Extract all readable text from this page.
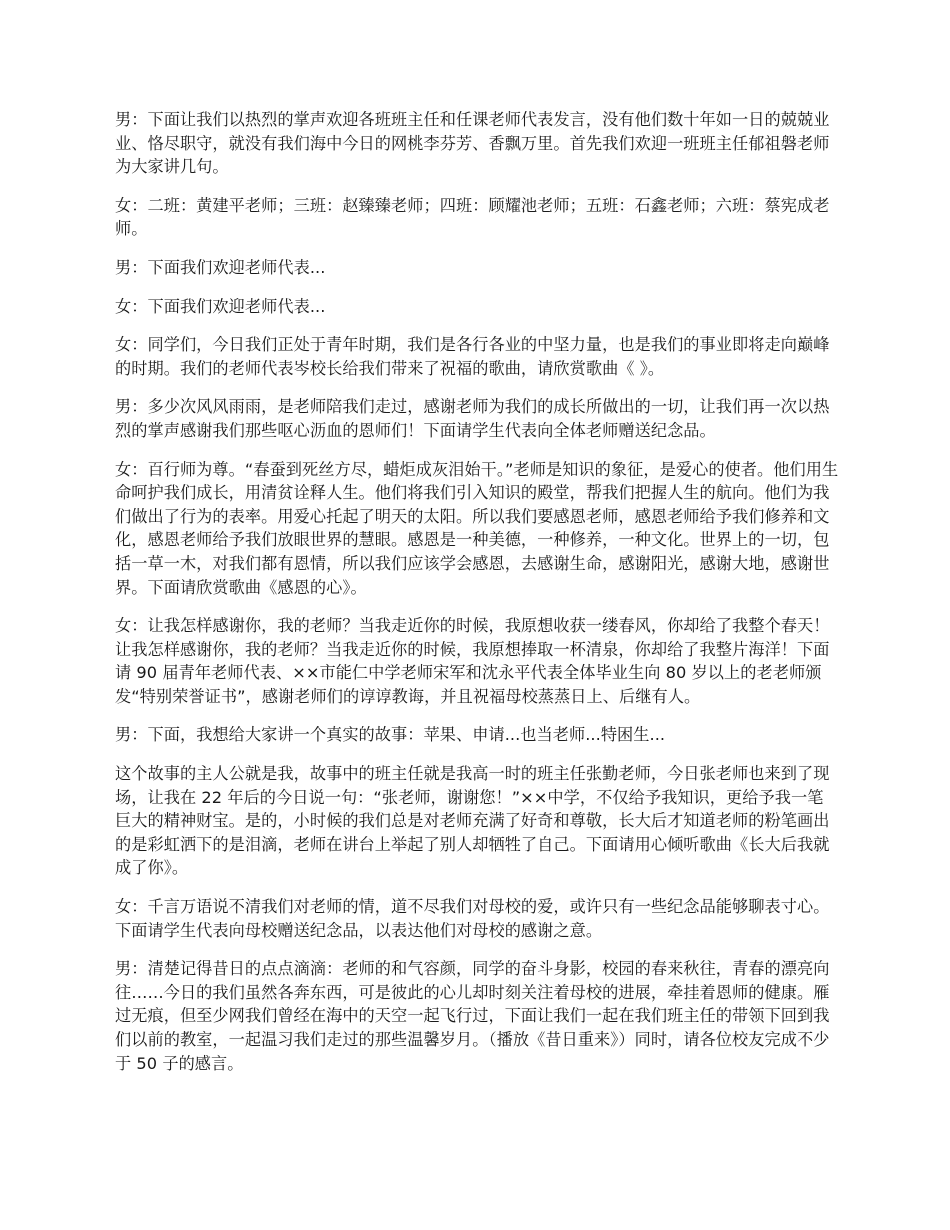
男：下面让我们以热烈的掌声欢迎各班班主任和任课老师代表发言，没有他们数十年如一日的兢兢业业、恪尽职守，就没有我们海中今日的网桃李芬芳、香飘万里。首先我们欢迎一班班主任郁祖磐老师为大家讲几句。

女：二班：黄建平老师；三班：赵臻臻老师；四班：顾耀池老师；五班：石鑫老师；六班：蔡宪成老师。

男：下面我们欢迎老师代表...

女：下面我们欢迎老师代表...

女：同学们，今日我们正处于青年时期，我们是各行各业的中坚力量，也是我们的事业即将走向巅峰的时期。我们的老师代表岑校长给我们带来了祝福的歌曲，请欣赏歌曲《 》。

男：多少次风风雨雨，是老师陪我们走过，感谢老师为我们的成长所做出的一切，让我们再一次以热烈的掌声感谢我们那些呕心沥血的恩师们！下面请学生代表向全体老师赠送纪念品。

女：百行师为尊。“春蚕到死丝方尽，蜡炬成灰泪始干。”老师是知识的象征，是爱心的使者。他们用生命呵护我们成长，用清贫诠释人生。他们将我们引入知识的殿堂，帮我们把握人生的航向。他们为我们做出了行为的表率。用爱心托起了明天的太阳。所以我们要感恩老师，感恩老师给予我们修养和文化，感恩老师给予我们放眼世界的慧眼。感恩是一种美德，一种修养，一种文化。世界上的一切，包括一草一木，对我们都有恩情，所以我们应该学会感恩，去感谢生命，感谢阳光，感谢大地，感谢世界。下面请欣赏歌曲《感恩的心》。

女：让我怎样感谢你，我的老师？当我走近你的时候，我原想收获一缕春风，你却给了我整个春天！让我怎样感谢你，我的老师？当我走近你的时候，我原想捧取一杯清泉，你却给了我整片海洋！下面请 90 届青年老师代表、××市能仁中学老师宋军和沈永平代表全体毕业生向 80 岁以上的老老师颁发“特别荣誉证书”，感谢老师们的谆谆教诲，并且祝福母校蒸蒸日上、后继有人。

男：下面，我想给大家讲一个真实的故事：苹果、申请...也当老师...特困生...

这个故事的主人公就是我，故事中的班主任就是我高一时的班主任张勤老师，今日张老师也来到了现场，让我在 22 年后的今日说一句：“张老师，谢谢您！”××中学，不仅给予我知识，更给予我一笔巨大的精神财宝。是的，小时候的我们总是对老师充满了好奇和尊敬，长大后才知道老师的粉笔画出的是彩虹洒下的是泪滴，老师在讲台上举起了别人却牺牲了自己。下面请用心倾听歌曲《长大后我就成了你》。

女：千言万语说不清我们对老师的情，道不尽我们对母校的爱，或许只有一些纪念品能够聊表寸心。下面请学生代表向母校赠送纪念品，以表达他们对母校的感谢之意。

男：清楚记得昔日的点点滴滴：老师的和气容颜，同学的奋斗身影，校园的春来秋往，青春的漂亮向往……今日的我们虽然各奔东西，可是彼此的心儿却时刻关注着母校的进展，牵挂着恩师的健康。雁过无痕，但至少网我们曾经在海中的天空一起飞行过，下面让我们一起在我们班主任的带领下回到我们以前的教室，一起温习我们走过的那些温馨岁月。（播放《昔日重来》）同时，请各位校友完成不少于 50 子的感言。
